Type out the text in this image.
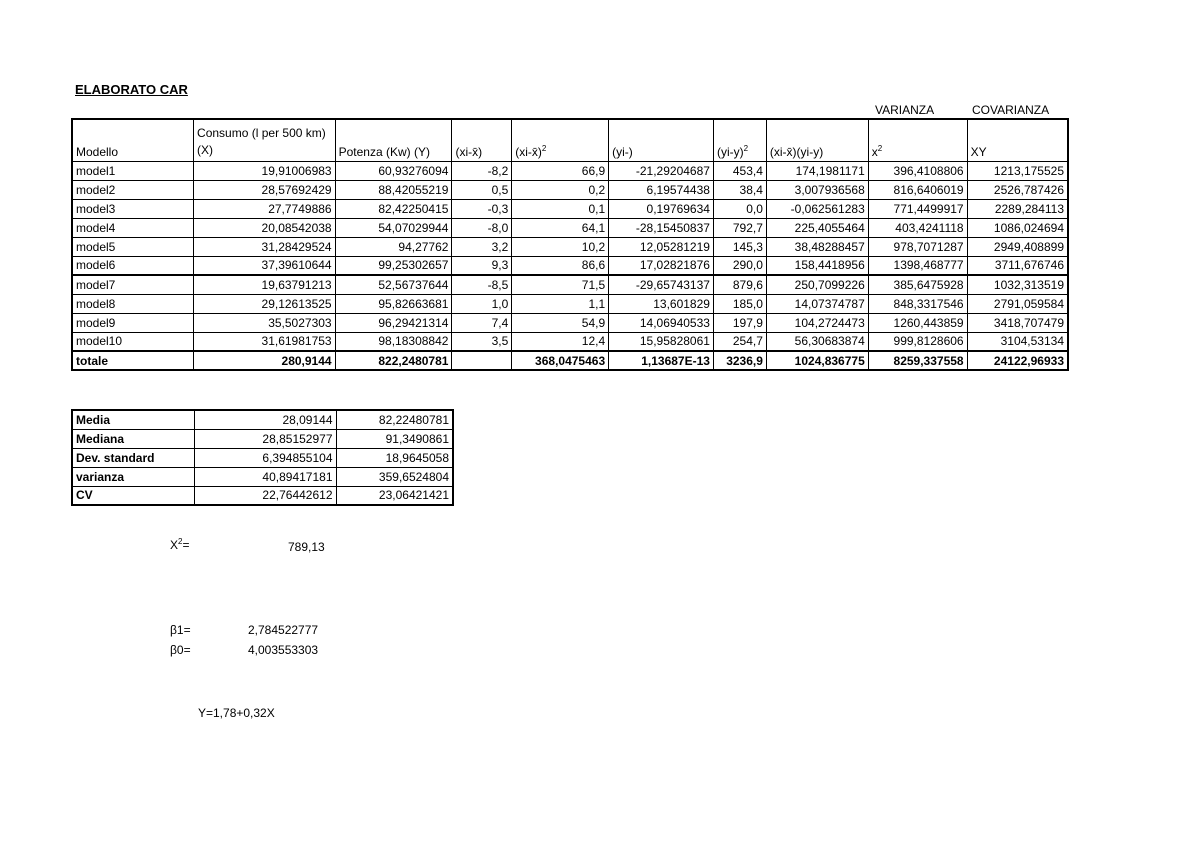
ELABORATO CAR
VARIANZA	COVARIANZA
Modello	Consumo (l per 500 km) (X)	Potenza (Kw) (Y)	(xi-x̄)	(xi-x̄)$^2$	(yi-)	$(yi-y)^2$	(xi-x̄)(yi-y)	$x^2$	XY
model1	19,91006983	60,93276094	-8,2	66,9	-21,29204687	453,4	174,1981171	396,4108806	1213,175525
model2	28,57692429	88,42055219	0,5	0,2	6,19574438	38,4	3,007936568	816,6406019	2526,787426
model3	27,7749886	82,42250415	-0,3	0,1	0,19769634	0,0	-0,062561283	771,4499917	2289,284113
model4	20,08542038	54,07029944	-8,0	64,1	-28,15450837	792,7	225,4055464	403,4241118	1086,024694
model5	31,28429524	94,27762	3,2	10,2	12,05281219	145,3	38,48288457	978,7071287	2949,408899
model6	37,39610644	99,25302657	9,3	86,6	17,02821876	290,0	158,4418956	1398,468777	3711,676746
model7	19,63791213	52,56737644	-8,5	71,5	-29,65743137	879,6	250,7099226	385,6475928	1032,313519
model8	29,12613525	95,82663681	1,0	1,1	13,601829	185,0	14,07374787	848,3317546	2791,059584
model9	35,5027303	96,29421314	7,4	54,9	14,06940533	197,9	104,2724473	1260,443859	3418,707479
model10	31,61981753	98,18308842	3,5	12,4	15,95828061	254,7	56,30683874	999,8128606	3104,53134
totale	280,9144	822,2480781		368,0475463	1,13687E-13	3236,9	1024,836775	8259,337558	24122,96933
Media	28,09144	82,22480781
Mediana	28,85152977	91,3490861
Dev. standard	6,394855104	18,9645058
varianza	40,89417181	359,6524804
CV	22,76442612	23,06421421
$X^2=$	789,13
β1=	2,784522777
β0=	4,003553303
Y=1,78+0,32X
